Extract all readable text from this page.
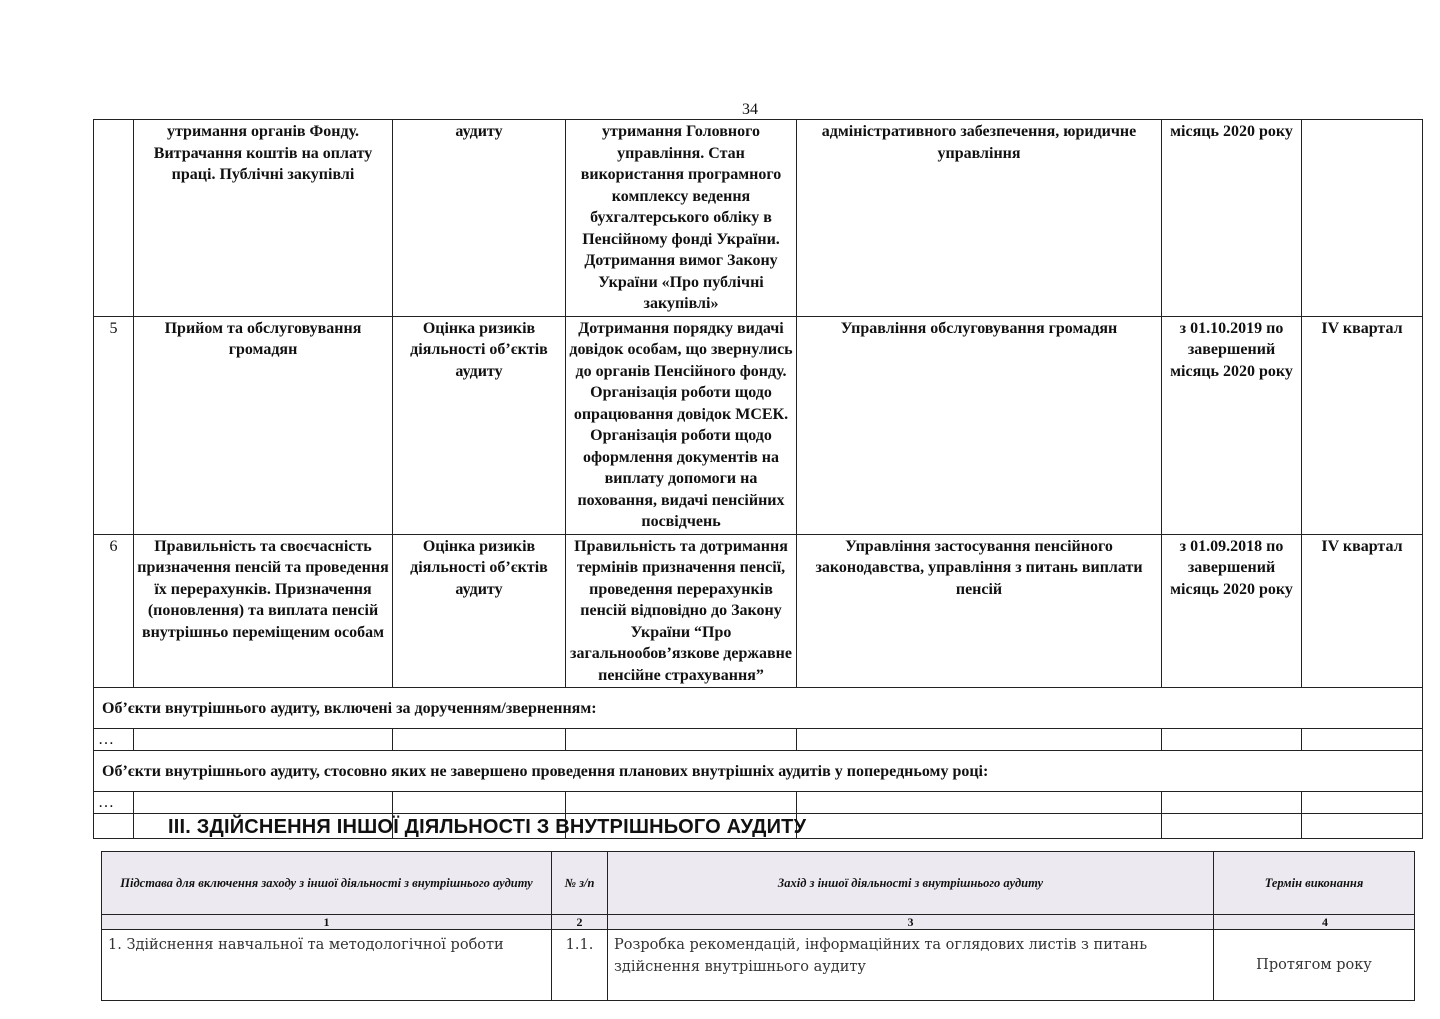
34
	утримання органів Фонду. Витрачання коштів на оплату праці. Публічні закупівлі	аудиту	утримання Головного управління. Стан використання програмного комплексу ведення бухгалтерського обліку в Пенсійному фонді України. Дотримання вимог Закону України «Про публічні закупівлі»	адміністративного забезпечення, юридичне управління	місяць 2020 року	
5	Прийом та обслуговування громадян	Оцінка ризиків діяльності об’єктів аудиту	Дотримання порядку видачі довідок особам, що звернулись до органів Пенсійного фонду. Організація роботи щодо опрацювання довідок МСЕК. Організація роботи щодо оформлення документів на виплату допомоги на поховання, видачі пенсійних посвідчень	Управління обслуговування громадян	з 01.10.2019 по завершений місяць 2020 року	IV квартал
6	Правильність та своєчасність призначення пенсій та проведення їх перерахунків. Призначення (поновлення) та виплата пенсій внутрішньо переміщеним особам	Оцінка ризиків діяльності об’єктів аудиту	Правильність та дотримання термінів призначення пенсії, проведення перерахунків пенсій відповідно до Закону України “Про загальнообов’язкове державне пенсійне страхування”	Управління застосування пенсійного законодавства, управління з питань виплати пенсій	з 01.09.2018 по завершений місяць 2020 року	IV квартал
Об’єкти внутрішнього аудиту, включені за дорученням/зверненням:						
…						
Об’єкти внутрішнього аудиту, стосовно яких не завершено проведення планових внутрішніх аудитів у попередньому році:						
…						

ІІІ. ЗДІЙСНЕННЯ ІНШОЇ ДІЯЛЬНОСТІ З ВНУТРІШНЬОГО АУДИТУ
Підстава для включення заходу з іншої діяльності з внутрішнього аудиту	№ з/п	Захід з іншої діяльності з внутрішнього аудиту	Термін виконання
1	2	3	4
1. Здійснення навчальної та методологічної роботи	1.1.	Розробка рекомендацій, інформаційних та оглядових листів з питань здійснення внутрішнього аудиту	Протягом року
